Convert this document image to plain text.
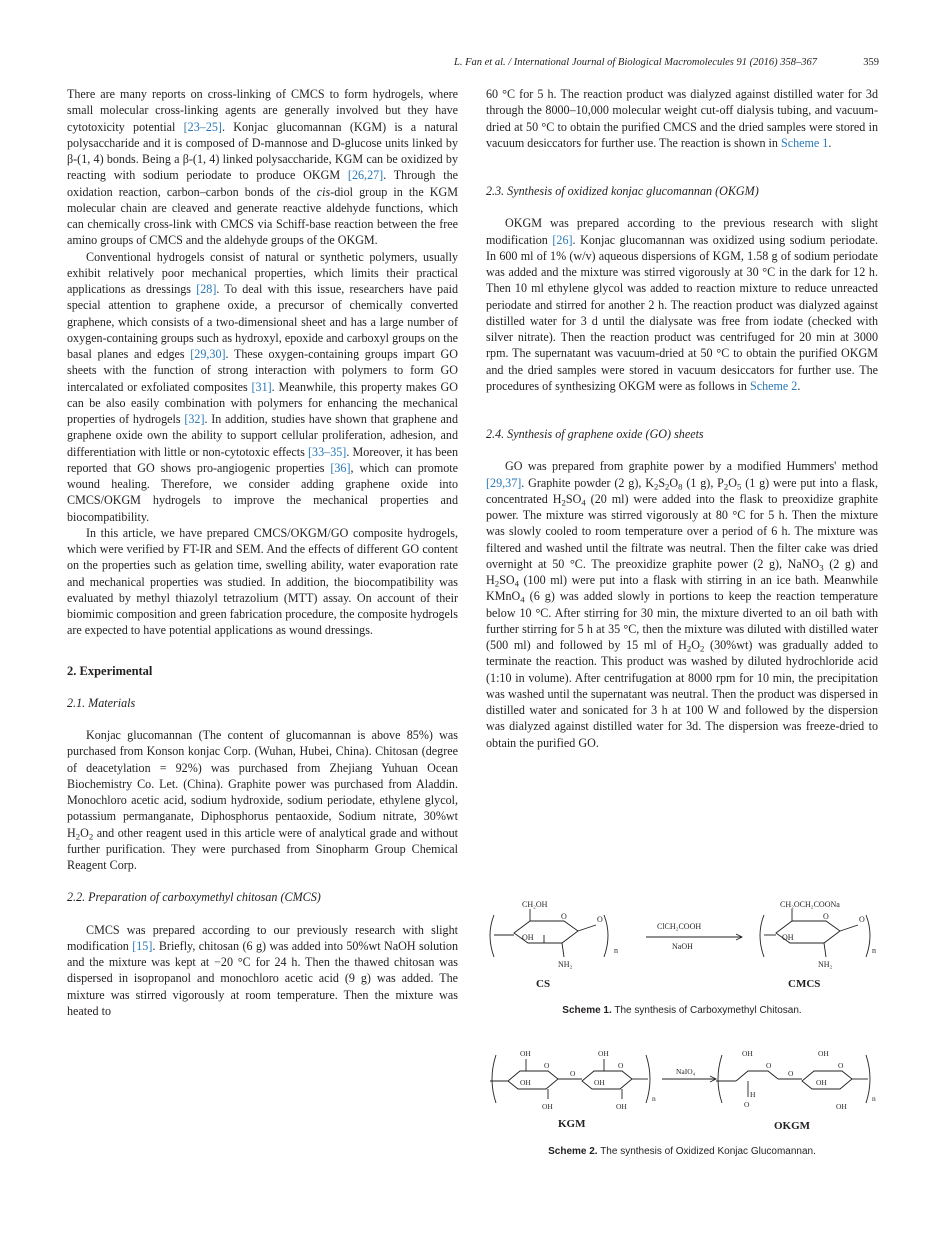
L. Fan et al. / International Journal of Biological Macromolecules 91 (2016) 358–367	359

There are many reports on cross-linking of CMCS to form hydrogels, where small molecular cross-linking agents are generally involved but they have cytotoxicity potential [23–25]. Konjac glucomannan (KGM) is a natural polysaccharide and it is composed of D-mannose and D-glucose units linked by β-(1, 4) bonds. Being a β-(1, 4) linked polysaccharide, KGM can be oxidized by reacting with sodium periodate to produce OKGM [26,27]. Through the oxidation reaction, carbon–carbon bonds of the cis-diol group in the KGM molecular chain are cleaved and generate reactive aldehyde functions, which can chemically cross-link with CMCS via Schiff-base reaction between the free amino groups of CMCS and the aldehyde groups of the OKGM.

Conventional hydrogels consist of natural or synthetic polymers, usually exhibit relatively poor mechanical properties, which limits their practical applications as dressings [28]. To deal with this issue, researchers have paid special attention to graphene oxide, a precursor of chemically converted graphene, which consists of a two-dimensional sheet and has a large number of oxygen-containing groups such as hydroxyl, epoxide and carboxyl groups on the basal planes and edges [29,30]. These oxygen-containing groups impart GO sheets with the function of strong interaction with polymers to form GO intercalated or exfoliated composites [31]. Meanwhile, this property makes GO can be also easily combination with polymers for enhancing the mechanical properties of hydrogels [32]. In addition, studies have shown that graphene and graphene oxide own the ability to support cellular proliferation, adhesion, and differentiation with little or non-cytotoxic effects [33–35]. Moreover, it has been reported that GO shows pro-angiogenic properties [36], which can promote wound healing. Therefore, we consider adding graphene oxide into CMCS/OKGM hydrogels to improve the mechanical properties and biocompatibility.

In this article, we have prepared CMCS/OKGM/GO composite hydrogels, which were verified by FT-IR and SEM. And the effects of different GO content on the properties such as gelation time, swelling ability, water evaporation rate and mechanical properties was studied. In addition, the biocompatibility was evaluated by methyl thiazolyl tetrazolium (MTT) assay. On account of their biomimic composition and green fabrication procedure, the composite hydrogels are expected to have potential applications as wound dressings.

2. Experimental

2.1. Materials

Konjac glucomannan (The content of glucomannan is above 85%) was purchased from Konson konjac Corp. (Wuhan, Hubei, China). Chitosan (degree of deacetylation = 92%) was purchased from Zhejiang Yuhuan Ocean Biochemistry Co. Let. (China). Graphite power was purchased from Aladdin. Monochloro acetic acid, sodium hydroxide, sodium periodate, ethylene glycol, potassium permanganate, Diphosphorus pentaoxide, Sodium nitrate, 30%wt $H_2O_2$ and other reagent used in this article were of analytical grade and without further purification. They were purchased from Sinopharm Group Chemical Reagent Corp.

2.2. Preparation of carboxymethyl chitosan (CMCS)

CMCS was prepared according to our previously research with slight modification [15]. Briefly, chitosan (6 g) was added into 50%wt NaOH solution and the mixture was kept at −20 °C for 24 h. Then the thawed chitosan was dispersed in isopropanol and monochloro acetic acid (9 g) was added. The mixture was stirred vigorously at room temperature. Then the mixture was heated to

60 °C for 5 h. The reaction product was dialyzed against distilled water for 3d through the 8000–10,000 molecular weight cut-off dialysis tubing, and vacuum-dried at 50 °C to obtain the purified CMCS and the dried samples were stored in vacuum desiccators for further use. The reaction is shown in Scheme 1.

2.3. Synthesis of oxidized konjac glucomannan (OKGM)

OKGM was prepared according to the previous research with slight modification [26]. Konjac glucomannan was oxidized using sodium periodate. In 600 ml of 1% (w/v) aqueous dispersions of KGM, 1.58 g of sodium periodate was added and the mixture was stirred vigorously at 30 °C in the dark for 12 h. Then 10 ml ethylene glycol was added to reaction mixture to reduce unreacted periodate and stirred for another 2 h. The reaction product was dialyzed against distilled water for 3 d until the dialysate was free from iodate (checked with silver nitrate). Then the reaction product was centrifuged for 20 min at 3000 rpm. The supernatant was vacuum-dried at 50 °C to obtain the purified OKGM and the dried samples were stored in vacuum desiccators for further use. The procedures of synthesizing OKGM were as follows in Scheme 2.

2.4. Synthesis of graphene oxide (GO) sheets

GO was prepared from graphite power by a modified Hummers' method [29,37]. Graphite powder (2 g), $K_2S_2O_8$ (1 g), $P_2O_5$ (1 g) were put into a flask, concentrated $H_2SO_4$ (20 ml) were added into the flask to preoxidize graphite power. The mixture was stirred vigorously at 80 °C for 5 h. Then the mixture was slowly cooled to room temperature over a period of 6 h. The mixture was filtered and washed until the filtrate was neutral. Then the filter cake was dried overnight at 50 °C. The preoxidize graphite power (2 g), NaNO$_3$ (2 g) and $H_2SO_4$ (100 ml) were put into a flask with stirring in an ice bath. Meanwhile KMnO$_4$ (6 g) was added slowly in portions to keep the reaction temperature below 10 °C. After stirring for 30 min, the mixture diverted to an oil bath with further stirring for 5 h at 35 °C, then the mixture was diluted with distilled water (500 ml) and followed by 15 ml of $H_2O_2$ (30%wt) was gradually added to terminate the reaction. This product was washed by diluted hydrochloride acid (1:10 in volume). After centrifugation at 8000 rpm for 10 min, the precipitation was washed until the supernatant was neutral. Then the product was dispersed in distilled water and sonicated for 3 h at 100 W and followed by the dispersion was dialyzed against distilled water for 3d. The dispersion was freeze-dried to obtain the purified GO.

CH₂OH
O	O
OH
NH₂
n
ClCH₂COOH
NaOH
CH₂OCH₂COONa
O	O
OH
NH₂
n
CS	CMCS
Scheme 1. The synthesis of Carboxymethyl Chitosan.
OH	OH
OH	OH
OH	OH
O
O
O
n
NaIO₄
OH	OH
OH
OH
O
O
O
H
O
n
KGM	OKGM
Scheme 2. The synthesis of Oxidized Konjac Glucomannan.
